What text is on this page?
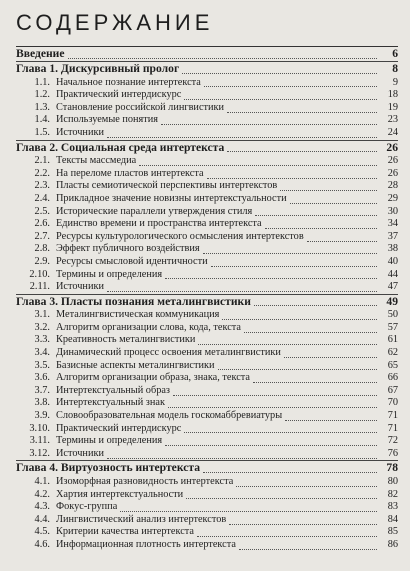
СОДЕРЖАНИЕ
Введение	6
Глава 1. Дискурсивный пролог	8
1.1. Начальное познание интертекста	9
1.2. Практический интердискурс	18
1.3. Становление российской лингвистики	19
1.4. Используемые понятия	23
1.5. Источники	24
Глава 2. Социальная среда интертекста	26
2.1. Тексты массмедиа	26
2.2. На переломе пластов интертекста	26
2.3. Пласты семиотической перспективы интертекстов	28
2.4. Прикладное значение новизны интертекстуальности	29
2.5. Исторические параллели утверждения стиля	30
2.6. Единство времени и пространства интертекста	34
2.7. Ресурсы культурологического осмысления интертекстов	37
2.8. Эффект публичного воздействия	38
2.9. Ресурсы смысловой идентичности	40
2.10. Термины и определения	44
2.11. Источники	47
Глава 3. Пласты познания металингвистики	49
3.1. Металингвистическая коммуникация	50
3.2. Алгоритм организации слова, кода, текста	57
3.3. Креативность металингвистики	61
3.4. Динамический процесс освоения металингвистики	62
3.5. Базисные аспекты металингвистики	65
3.6. Алгоритм организации образа, знака, текста	66
3.7. Интертекстуальный образ	67
3.8. Интертекстуальный знак	70
3.9. Словообразовательная модель госкомаббревиатуры	71
3.10. Практический интердискурс	71
3.11. Термины и определения	72
3.12. Источники	76
Глава 4. Виртуозность интертекста	78
4.1. Изоморфная разновидность интертекста	80
4.2. Хартия интертекстуальности	82
4.3. Фокус-группа	83
4.4. Лингвистический анализ интертекстов	84
4.5. Критерии качества интертекста	85
4.6. Информационная плотность интертекста	86
